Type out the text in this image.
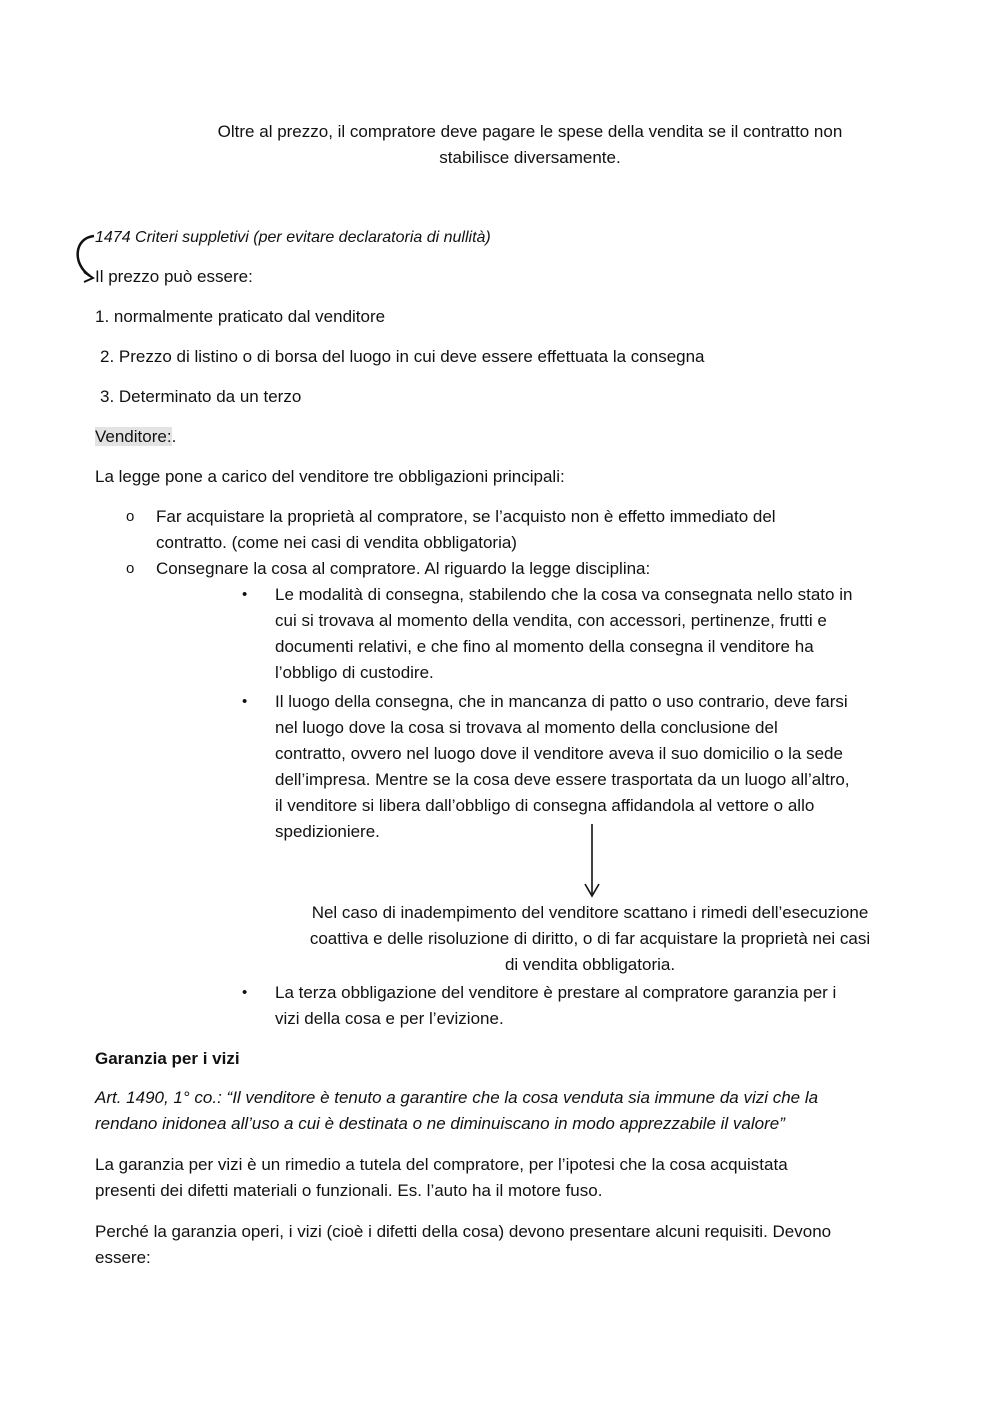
Oltre al prezzo, il compratore deve pagare le spese della vendita se il contratto non
stabilisce diversamente.
1474 Criteri suppletivi (per evitare declaratoria di nullità)
Il prezzo può essere:
1. normalmente praticato dal venditore
2. Prezzo di listino o di borsa del luogo in cui deve essere effettuata la consegna
3. Determinato da un terzo
Venditore:.
La legge pone a carico del venditore tre obbligazioni principali:
o Far acquistare la proprietà al compratore, se l’acquisto non è effetto immediato del
contratto. (come nei casi di vendita obbligatoria)
o Consegnare la cosa al compratore. Al riguardo la legge disciplina:
• Le modalità di consegna, stabilendo che la cosa va consegnata nello stato in
cui si trovava al momento della vendita, con accessori, pertinenze, frutti e
documenti relativi, e che fino al momento della consegna il venditore ha
l’obbligo di custodire.
• Il luogo della consegna, che in mancanza di patto o uso contrario, deve farsi
nel luogo dove la cosa si trovava al momento della conclusione del
contratto, ovvero nel luogo dove il venditore aveva il suo domicilio o la sede
dell’impresa. Mentre se la cosa deve essere trasportata da un luogo all’altro,
il venditore si libera dall’obbligo di consegna affidandola al vettore o allo
spedizioniere.
Nel caso di inadempimento del venditore scattano i rimedi dell’esecuzione
coattiva e delle risoluzione di diritto, o di far acquistare la proprietà nei casi
di vendita obbligatoria.
• La terza obbligazione del venditore è prestare al compratore garanzia per i
vizi della cosa e per l’evizione.
Garanzia per i vizi
Art. 1490, 1° co.: “Il venditore è tenuto a garantire che la cosa venduta sia immune da vizi che la
rendano inidonea all’uso a cui è destinata o ne diminuiscano in modo apprezzabile il valore”
La garanzia per vizi è un rimedio a tutela del compratore, per l’ipotesi che la cosa acquistata
presenti dei difetti materiali o funzionali. Es. l’auto ha il motore fuso.
Perché la garanzia operi, i vizi (cioè i difetti della cosa) devono presentare alcuni requisiti. Devono
essere:
